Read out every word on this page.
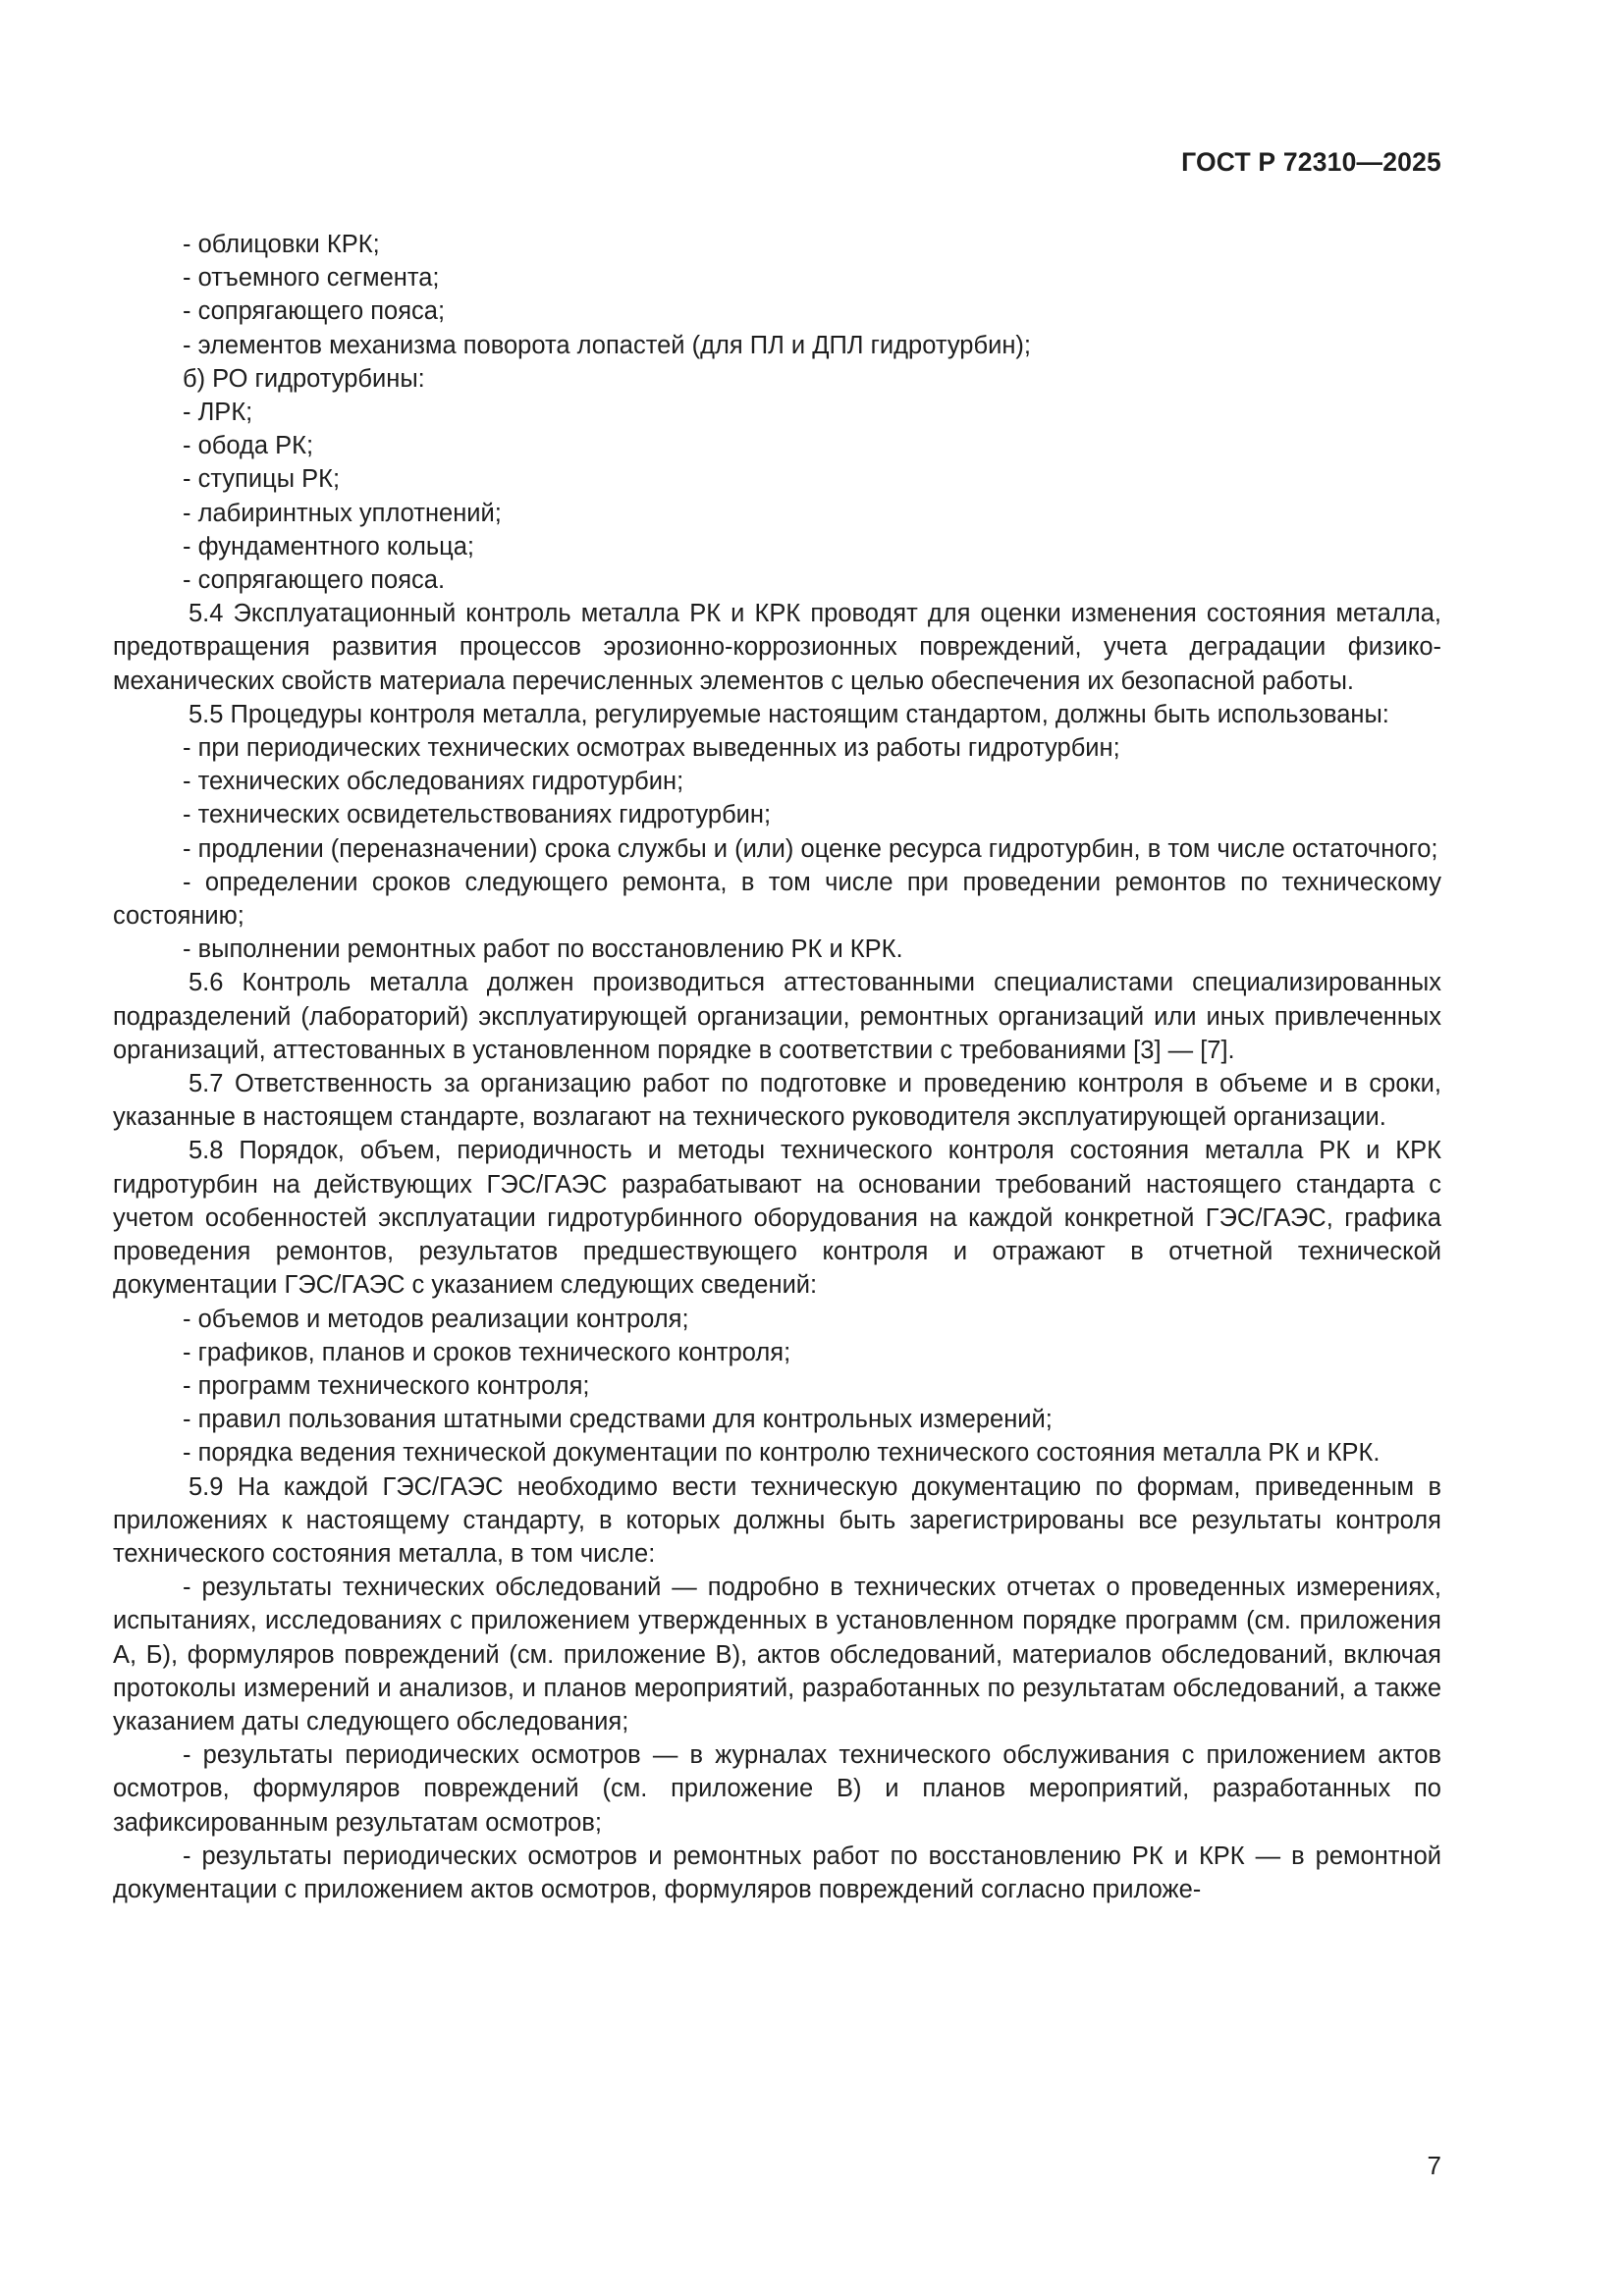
ГОСТ Р 72310—2025

- облицовки КРК;

- отъемного сегмента;

- сопрягающего пояса;

- элементов механизма поворота лопастей (для ПЛ и ДПЛ гидротурбин);

б) РО гидротурбины:

- ЛРК;

- обода РК;

- ступицы РК;

- лабиринтных уплотнений;

- фундаментного кольца;

- сопрягающего пояса.

5.4 Эксплуатационный контроль металла РК и КРК проводят для оценки изменения состояния металла, предотвращения развития процессов эрозионно-коррозионных повреждений, учета деградации физико-механических свойств материала перечисленных элементов с целью обеспечения их безопасной работы.

5.5 Процедуры контроля металла, регулируемые настоящим стандартом, должны быть использованы:

- при периодических технических осмотрах выведенных из работы гидротурбин;

- технических обследованиях гидротурбин;

- технических освидетельствованиях гидротурбин;

- продлении (переназначении) срока службы и (или) оценке ресурса гидротурбин, в том числе остаточного;

- определении сроков следующего ремонта, в том числе при проведении ремонтов по техническому состоянию;

- выполнении ремонтных работ по восстановлению РК и КРК.

5.6 Контроль металла должен производиться аттестованными специалистами специализированных подразделений (лабораторий) эксплуатирующей организации, ремонтных организаций или иных привлеченных организаций, аттестованных в установленном порядке в соответствии с требованиями [3] — [7].

5.7 Ответственность за организацию работ по подготовке и проведению контроля в объеме и в сроки, указанные в настоящем стандарте, возлагают на технического руководителя эксплуатирующей организации.

5.8 Порядок, объем, периодичность и методы технического контроля состояния металла РК и КРК гидротурбин на действующих ГЭС/ГАЭС разрабатывают на основании требований настоящего стандарта с учетом особенностей эксплуатации гидротурбинного оборудования на каждой конкретной ГЭС/ГАЭС, графика проведения ремонтов, результатов предшествующего контроля и отражают в отчетной технической документации ГЭС/ГАЭС с указанием следующих сведений:

- объемов и методов реализации контроля;

- графиков, планов и сроков технического контроля;

- программ технического контроля;

- правил пользования штатными средствами для контрольных измерений;

- порядка ведения технической документации по контролю технического состояния металла РК и КРК.

5.9 На каждой ГЭС/ГАЭС необходимо вести техническую документацию по формам, приведенным в приложениях к настоящему стандарту, в которых должны быть зарегистрированы все результаты контроля технического состояния металла, в том числе:

- результаты технических обследований — подробно в технических отчетах о проведенных измерениях, испытаниях, исследованиях с приложением утвержденных в установленном порядке программ (см. приложения А, Б), формуляров повреждений (см. приложение В), актов обследований, материалов обследований, включая протоколы измерений и анализов, и планов мероприятий, разработанных по результатам обследований, а также указанием даты следующего обследования;

- результаты периодических осмотров — в журналах технического обслуживания с приложением актов осмотров, формуляров повреждений (см. приложение В) и планов мероприятий, разработанных по зафиксированным результатам осмотров;

- результаты периодических осмотров и ремонтных работ по восстановлению РК и КРК — в ремонтной документации с приложением актов осмотров, формуляров повреждений согласно приложе-

7
